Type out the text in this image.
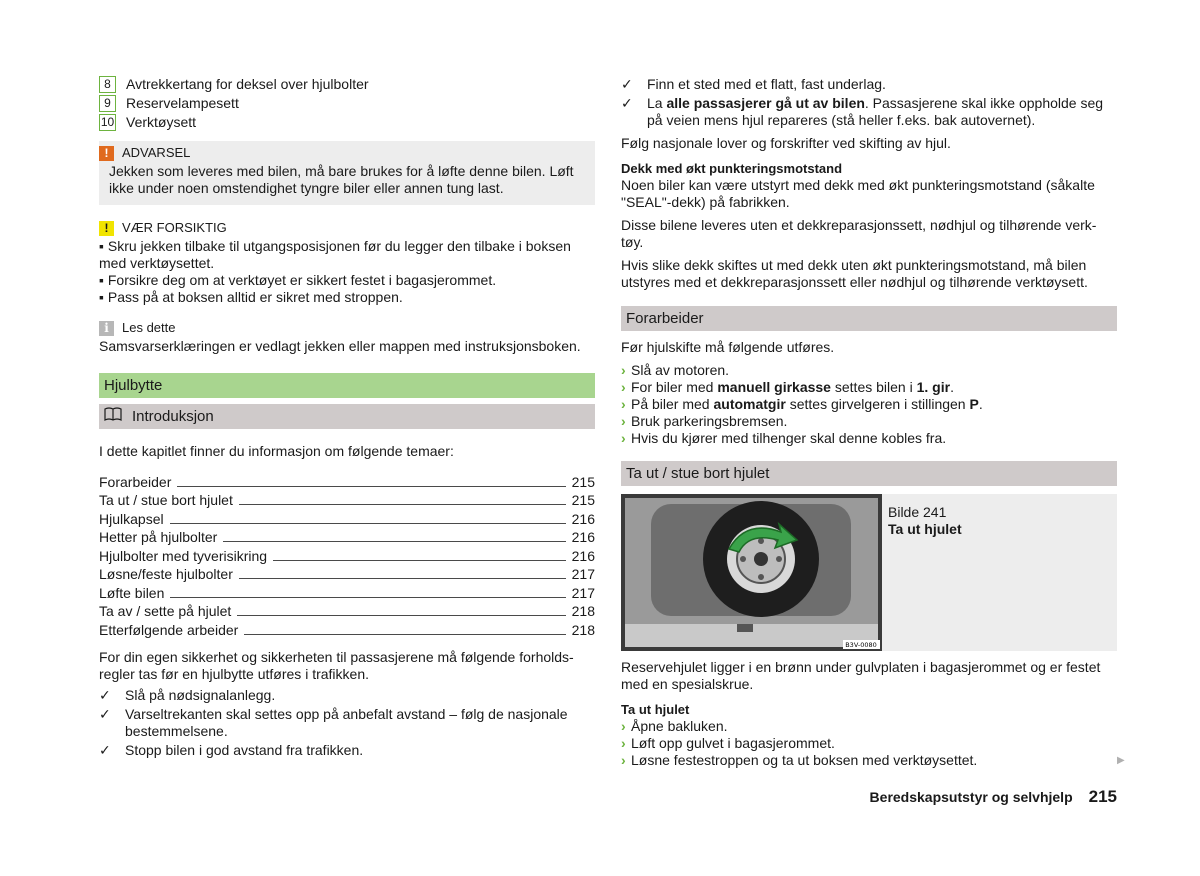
8	Avtrekkertang for deksel over hjulbolter
9	Reservelampesett
10 Verktøysett
!	ADVARSEL

Jekken som leveres med bilen, må bare brukes for å løfte denne bilen. Løft ikke under noen omstendighet tyngre biler eller annen tung last.

!	VÆR FORSIKTIG
▪ Skru jekken tilbake til utgangsposisjonen før du legger den tilbake i boksen med verktøysettet.
▪ Forsikre deg om at verktøyet er sikkert festet i bagasjerommet.
▪ Pass på at boksen alltid er sikret med stroppen.
i	Les dette

Samsvarserklæringen er vedlagt jekken eller mappen med instruksjonsboken.

Hjulbytte
Introduksjon

I dette kapitlet finner du informasjon om følgende temaer:

Forarbeider	215
Ta ut / stue bort hjulet	215
Hjulkapsel	216
Hetter på hjulbolter	216
Hjulbolter med tyverisikring	216
Løsne/feste hjulbolter	217
Løfte bilen	217
Ta av / sette på hjulet	218
Etterfølgende arbeider	218

For din egen sikkerhet og sikkerheten til passasjerene må følgende forholds-regler tas før en hjulbytte utføres i trafikken.

✓	Slå på nødsignalanlegg.
✓	Varseltrekanten skal settes opp på anbefalt avstand – følg de nasjonale bestemmelsene.
✓	Stopp bilen i god avstand fra trafikken.
✓	Finn et sted med et flatt, fast underlag.
✓	La alle passasjerer gå ut av bilen. Passasjerene skal ikke oppholde seg på veien mens hjul repareres (stå heller f.eks. bak autovernet).

Følg nasjonale lover og forskrifter ved skifting av hjul.

Dekk med økt punkteringsmotstand

Noen biler kan være utstyrt med dekk med økt punkteringsmotstand (såkalte "SEAL"-dekk) på fabrikken.

Disse bilene leveres uten et dekkreparasjonssett, nødhjul og tilhørende verk-tøy.

Hvis slike dekk skiftes ut med dekk uten økt punkteringsmotstand, må bilen utstyres med et dekkreparasjonssett eller nødhjul og tilhørende verktøysett.

Forarbeider

Før hjulskifte må følgende utføres.

› Slå av motoren.
› For biler med manuell girkasse settes bilen i 1. gir.
› På biler med automatgir settes girvelgeren i stillingen P.
› Bruk parkeringsbremsen.
› Hvis du kjører med tilhenger skal denne kobles fra.
Ta ut / stue bort hjulet
B3V-0080
Bilde 241
Ta ut hjulet

Reservehjulet ligger i en brønn under gulvplaten i bagasjerommet og er festet med en spesialskrue.

Ta ut hjulet

› Åpne bakluken.
› Løft opp gulvet i bagasjerommet.
› Løsne festestroppen og ta ut boksen med verktøysettet.	▶
Beredskapsutstyr og selvhjelp 215
